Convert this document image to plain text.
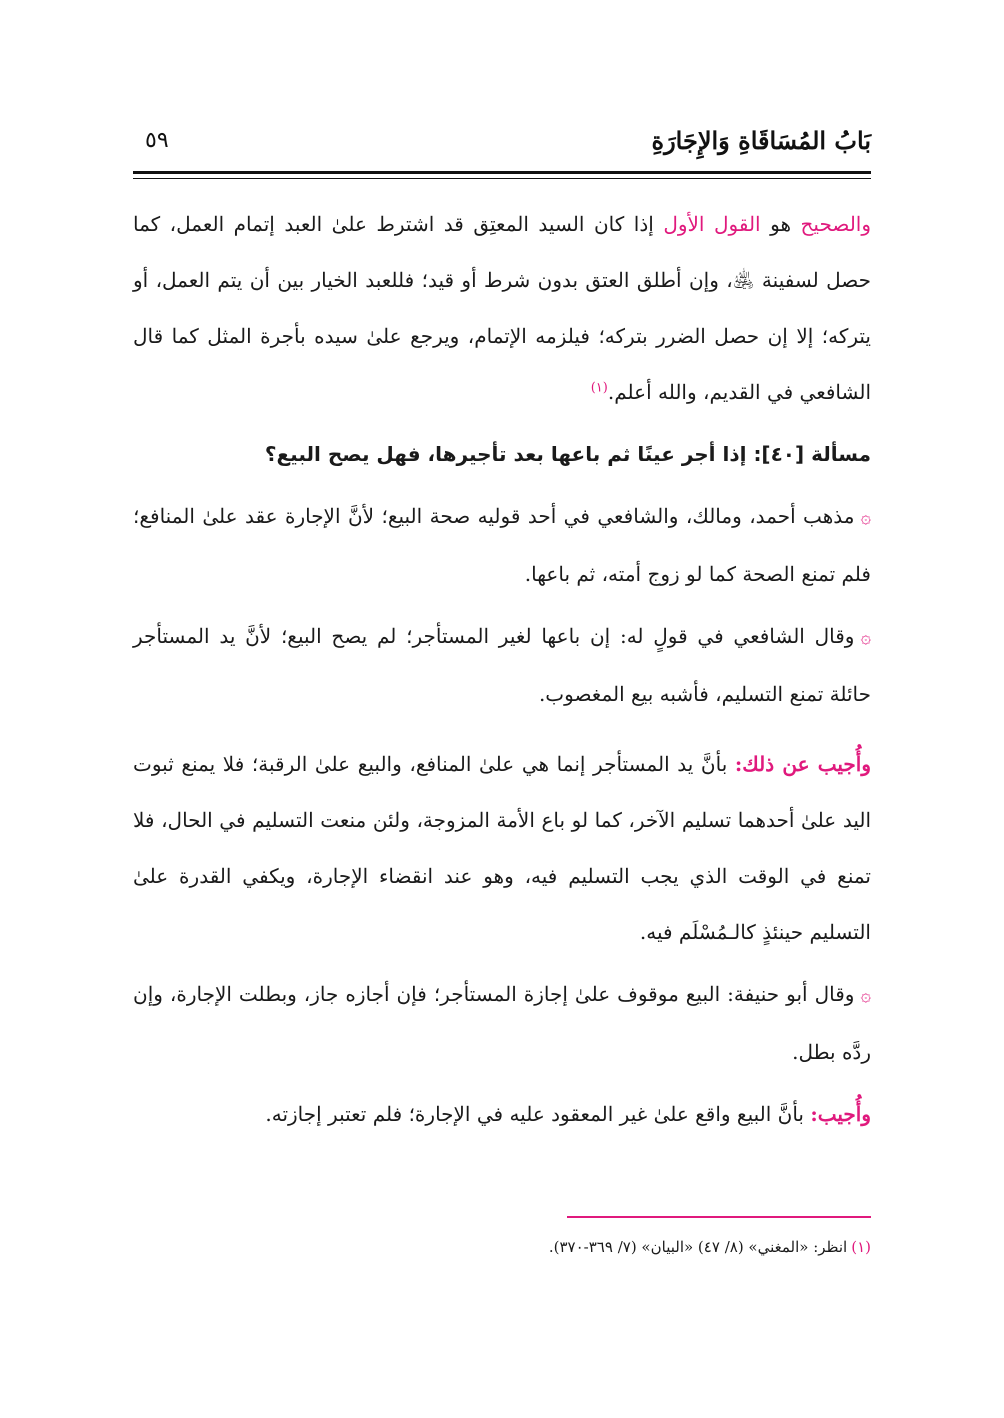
بَابُ المُسَاقَاةِ وَالإِجَارَةِ
٥٩

والصحيح هو القول الأول إذا كان السيد المعتِق قد اشترط علىٰ العبد إتمام العمل، كما حصل لسفينة ﵁، وإن أطلق العتق بدون شرط أو قيد؛ فللعبد الخيار بين أن يتم العمل، أو يتركه؛ إلا إن حصل الضرر بتركه؛ فيلزمه الإتمام، ويرجع علىٰ سيده بأجرة المثل كما قال الشافعي في القديم، والله أعلم.$^{(١)}$

مسألة [٤٠]: إذا أجر عينًا ثم باعها بعد تأجيرها، فهل يصح البيع؟

۞مذهب أحمد، ومالك، والشافعي في أحد قوليه صحة البيع؛ لأنَّ الإجارة عقد علىٰ المنافع؛ فلم تمنع الصحة كما لو زوج أمته، ثم باعها.

۞وقال الشافعي في قولٍ له: إن باعها لغير المستأجر؛ لم يصح البيع؛ لأنَّ يد المستأجر حائلة تمنع التسليم، فأشبه بيع المغصوب.

وأُجيب عن ذلك: بأنَّ يد المستأجر إنما هي علىٰ المنافع، والبيع علىٰ الرقبة؛ فلا يمنع ثبوت اليد علىٰ أحدهما تسليم الآخر، كما لو باع الأمة المزوجة، ولئن منعت التسليم في الحال، فلا تمنع في الوقت الذي يجب التسليم فيه، وهو عند انقضاء الإجارة، ويكفي القدرة علىٰ التسليم حينئذٍ كالـمُسْلَم فيه.

۞وقال أبو حنيفة: البيع موقوف علىٰ إجازة المستأجر؛ فإن أجازه جاز، وبطلت الإجارة، وإن ردَّه بطل.

وأُجيب: بأنَّ البيع واقع علىٰ غير المعقود عليه في الإجارة؛ فلم تعتبر إجازته.

(١)انظر: «المغني» (٨/ ٤٧) «البيان» (٧/ ٣٦٩-٣٧٠).
